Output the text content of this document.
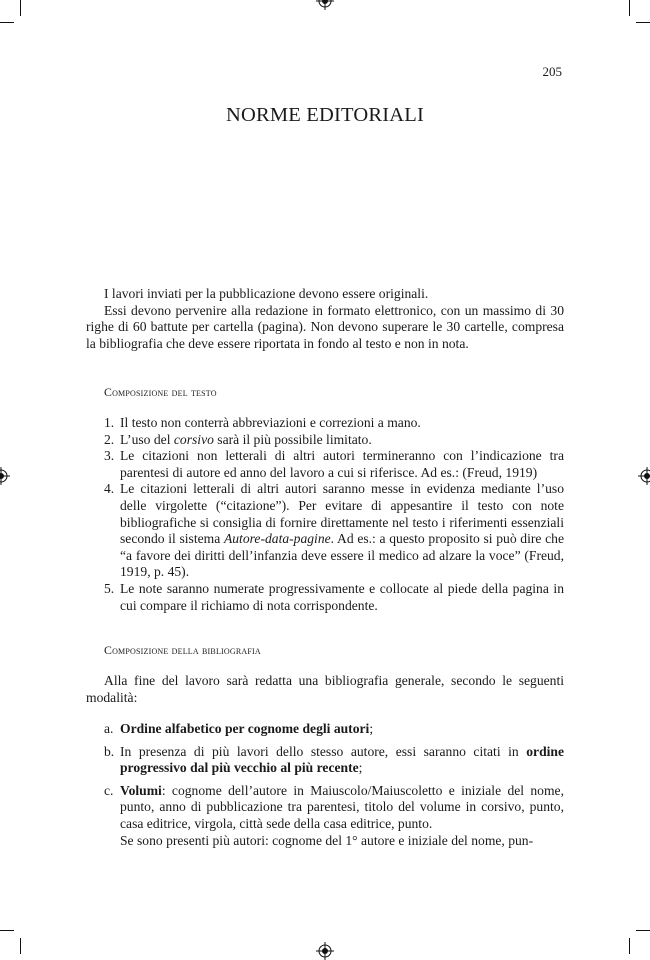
205
NORME EDITORIALI

I lavori inviati per la pubblicazione devono essere originali.

Essi devono pervenire alla redazione in formato elettronico, con un massimo di 30 righe di 60 battute per cartella (pagina). Non devono superare le 30 cartelle, compresa la bibliografia che deve essere riportata in fondo al testo e non in nota.

Composizione del testo
1. Il testo non conterrà abbreviazioni e correzioni a mano.
2. L’uso del corsivo sarà il più possibile limitato.
3. Le citazioni non letterali di altri autori termineranno con l’indicazione tra parentesi di autore ed anno del lavoro a cui si riferisce. Ad es.: (Freud, 1919)
4. Le citazioni letterali di altri autori saranno messe in evidenza mediante l’uso delle virgolette (“citazione”). Per evitare di appesantire il testo con note bibliografiche si consiglia di fornire direttamente nel testo i riferimenti essenziali secondo il sistema Autore-data-pagine. Ad es.: a questo proposito si può dire che “a favore dei diritti dell’infanzia deve essere il medico ad alzare la voce” (Freud, 1919, p. 45).
5. Le note saranno numerate progressivamente e collocate al piede della pagina in cui compare il richiamo di nota corrispondente.
Composizione della bibliografia

Alla fine del lavoro sarà redatta una bibliografia generale, secondo le seguenti modalità:

a. Ordine alfabetico per cognome degli autori;
b. In presenza di più lavori dello stesso autore, essi saranno citati in ordine progressivo dal più vecchio al più recente;
c. Volumi: cognome dell’autore in Maiuscolo/Maiuscoletto e iniziale del nome, punto, anno di pubblicazione tra parentesi, titolo del volume in corsivo, punto, casa editrice, virgola, città sede della casa editrice, punto.
Se sono presenti più autori: cognome del 1° autore e iniziale del nome, pun-
